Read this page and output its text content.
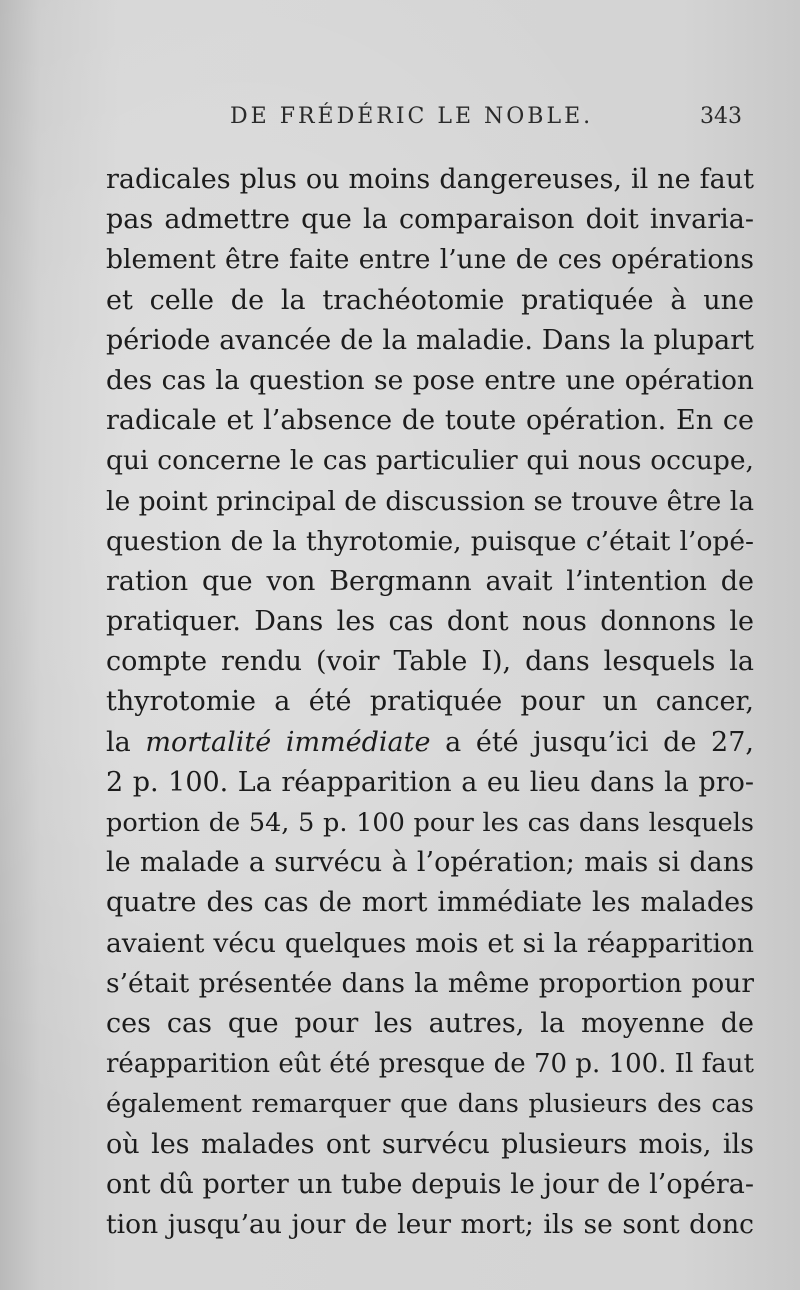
DE FRÉDÉRIC LE NOBLE.	343
radicales plus ou moins dangereuses, il ne faut
pas admettre que la comparaison doit invaria-
blement être faite entre l’une de ces opérations
et celle de la trachéotomie pratiquée à une
période avancée de la maladie. Dans la plupart
des cas la question se pose entre une opération
radicale et l’absence de toute opération. En ce
qui concerne le cas particulier qui nous occupe,
le point principal de discussion se trouve être la
question de la thyrotomie, puisque c’était l’opé-
ration que von Bergmann avait l’intention de
pratiquer. Dans les cas dont nous donnons le
compte rendu (voir Table I), dans lesquels la
thyrotomie a été pratiquée pour un cancer,
la mortalité immédiate a été jusqu’ici de 27,
2 p. 100. La réapparition a eu lieu dans la pro-
portion de 54, 5 p. 100 pour les cas dans lesquels
le malade a survécu à l’opération; mais si dans
quatre des cas de mort immédiate les malades
avaient vécu quelques mois et si la réapparition
s’était présentée dans la même proportion pour
ces cas que pour les autres, la moyenne de
réapparition eût été presque de 70 p. 100. Il faut
également remarquer que dans plusieurs des cas
où les malades ont survécu plusieurs mois, ils
ont dû porter un tube depuis le jour de l’opéra-
tion jusqu’au jour de leur mort; ils se sont donc
